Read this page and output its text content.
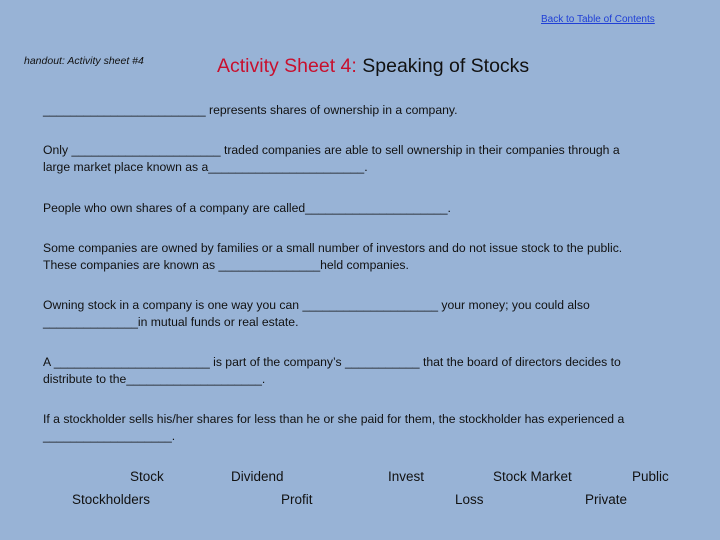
Back to Table of Contents
handout: Activity sheet #4	Activity Sheet 4: Speaking of Stocks
________________________ represents shares of ownership in a company.
Only ______________________ traded companies are able to sell ownership in their companies through a
large market place known as a_______________________.
People who own shares of a company are called_____________________.
Some companies are owned by families or a small number of investors and do not issue stock to the public.
These companies are known as _______________held companies.
Owning stock in a company is one way you can ____________________ your money; you could also
______________in mutual funds or real estate.
A _______________________ is part of the company’s ___________ that the board of directors decides to
distribute to the____________________.
If a stockholder sells his/her shares for less than he or she paid for them, the stockholder has experienced a
___________________.
Stock	Dividend	Invest	Stock Market	Public
Stockholders	Profit	Loss	Private
